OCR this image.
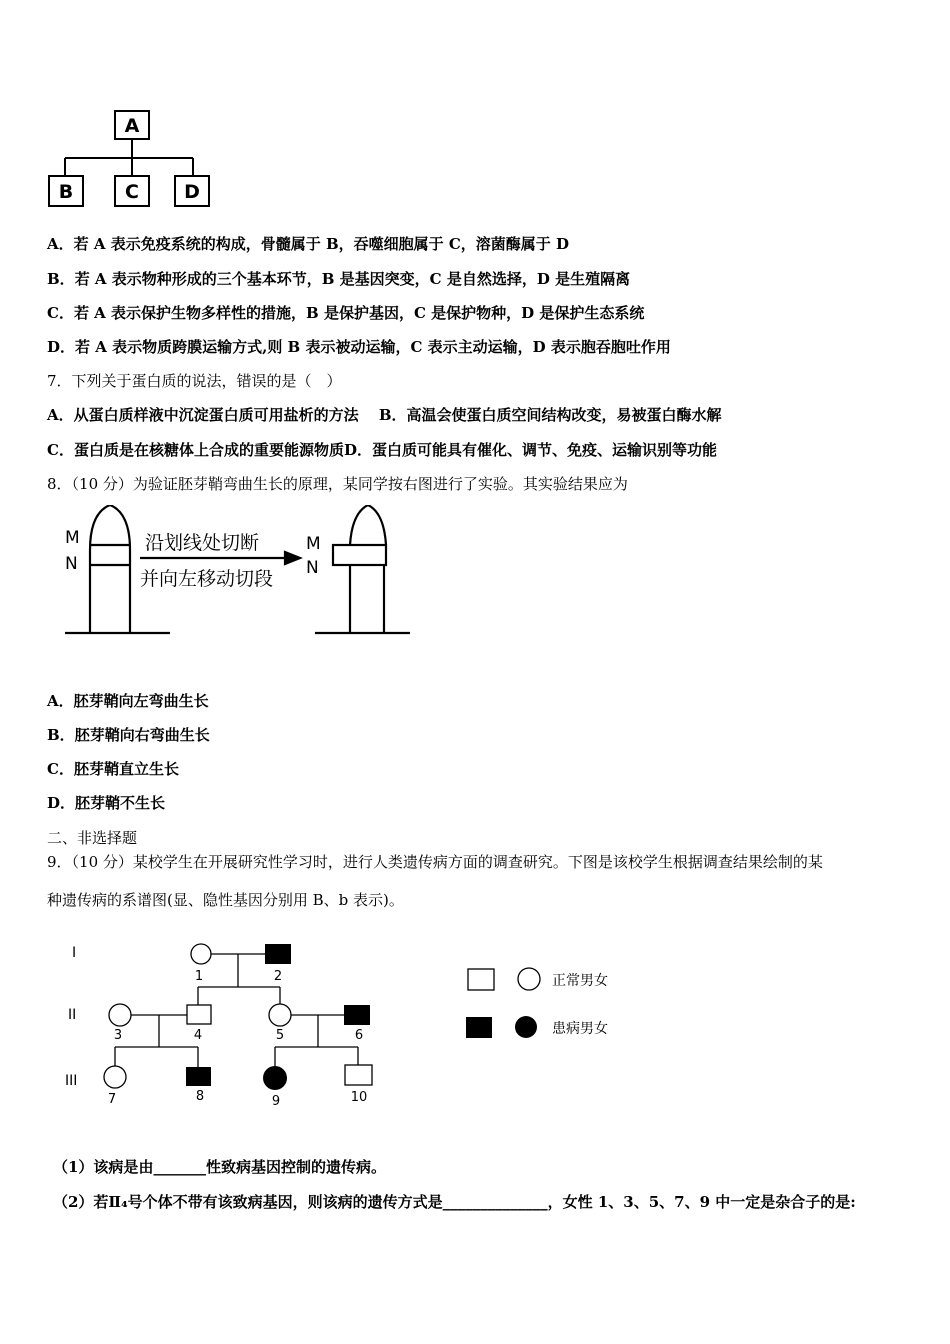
A
B	C D
A．若 A 表示免疫系统的构成，骨髓属于 B，吞噬细胞属于 C，溶菌酶属于 D
B．若 A 表示物种形成的三个基本环节，B 是基因突变，C 是自然选择，D 是生殖隔离
C．若 A 表示保护生物多样性的措施，B 是保护基因，C 是保护物种，D 是保护生态系统
D．若 A 表示物质跨膜运输方式,则 B 表示被动运输，C 表示主动运输，D 表示胞吞胞吐作用
7．下列关于蛋白质的说法，错误的是（　）
A．从蛋白质样液中沉淀蛋白质可用盐析的方法　 B．高温会使蛋白质空间结构改变，易被蛋白酶水解
C．蛋白质是在核糖体上合成的重要能源物质D．蛋白质可能具有催化、调节、免疫、运输识别等功能
8．（10 分）为验证胚芽鞘弯曲生长的原理，某同学按右图进行了实验。其实验结果应为
M
N
M
N
沿划线处切断
并向左移动切段
A．胚芽鞘向左弯曲生长
B．胚芽鞘向右弯曲生长
C．胚芽鞘直立生长
D．胚芽鞘不生长
二、非选择题
9．（10 分）某校学生在开展研究性学习时，进行人类遗传病方面的调查研究。下图是该校学生根据调查结果绘制的某
种遗传病的系谱图(显、隐性基因分别用 B、b 表示)。
I
II
III
1	2
3	4	5	6
7	8	9	10
正常男女
患病男女
（1）该病是由_______性致病基因控制的遗传病。
（2）若Ⅱ₄号个体不带有该致病基因，则该病的遗传方式是______________，女性 1、3、5、7、9 中一定是杂合子的是:
